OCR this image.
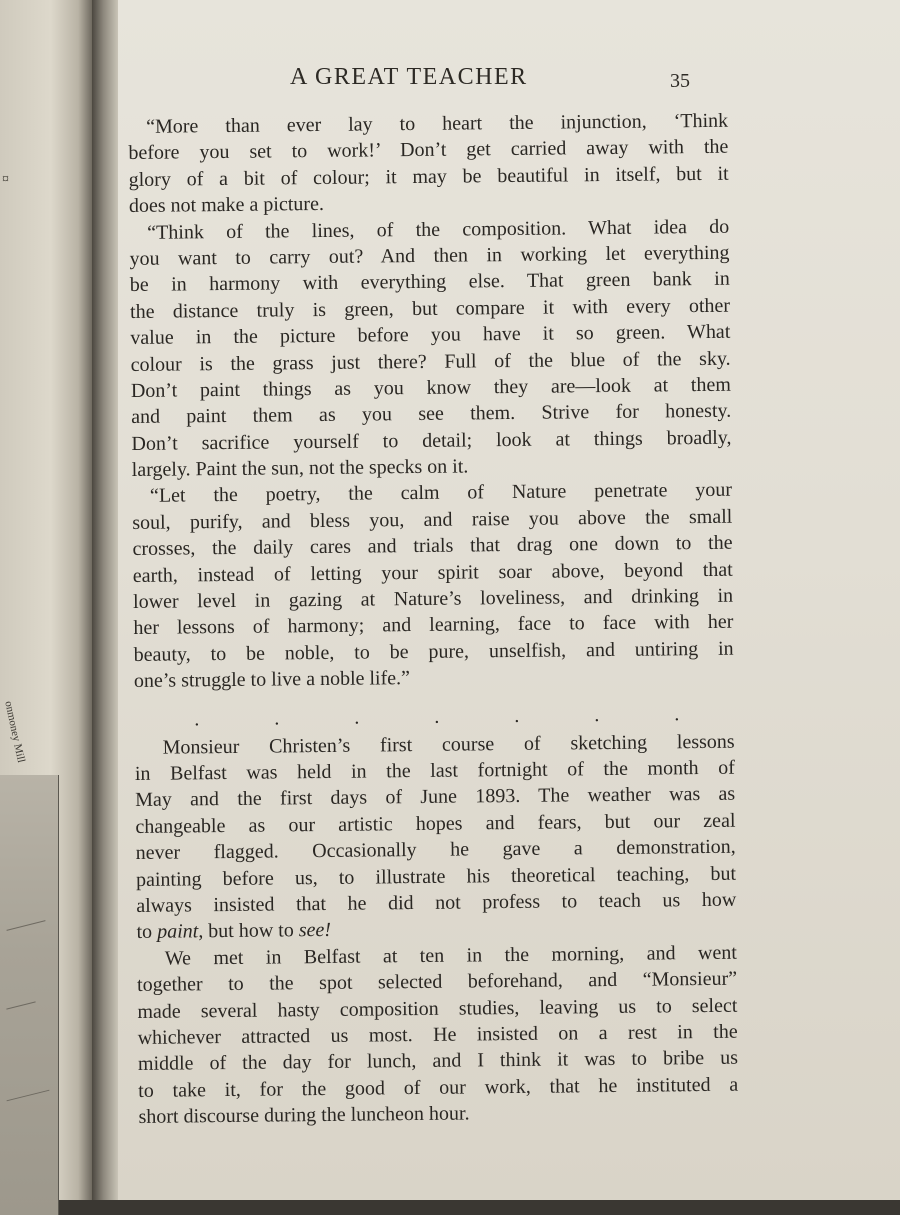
¤
onmoney Mill
A GREAT TEACHER	35
“More than ever lay to heart the injunction, ‘Think
before you set to work!’ Don’t get carried away with the
glory of a bit of colour; it may be beautiful in itself, but it
does not make a picture.
“Think of the lines, of the composition. What idea do
you want to carry out? And then in working let everything
be in harmony with everything else. That green bank in
the distance truly is green, but compare it with every other
value in the picture before you have it so green. What
colour is the grass just there? Full of the blue of the sky.
Don’t paint things as you know they are—look at them
and paint them as you see them. Strive for honesty.
Don’t sacrifice yourself to detail; look at things broadly,
largely. Paint the sun, not the specks on it.
“Let the poetry, the calm of Nature penetrate your
soul, purify, and bless you, and raise you above the small
crosses, the daily cares and trials that drag one down to the
earth, instead of letting your spirit soar above, beyond that
lower level in gazing at Nature’s loveliness, and drinking in
her lessons of harmony; and learning, face to face with her
beauty, to be noble, to be pure, unselfish, and untiring in
one’s struggle to live a noble life.”
.	.	.	.	.	.	.
Monsieur Christen’s first course of sketching lessons
in Belfast was held in the last fortnight of the month of
May and the first days of June 1893. The weather was as
changeable as our artistic hopes and fears, but our zeal
never flagged. Occasionally he gave a demonstration,
painting before us, to illustrate his theoretical teaching, but
always insisted that he did not profess to teach us how
to paint, but how to see!
We met in Belfast at ten in the morning, and went
together to the spot selected beforehand, and “Monsieur”
made several hasty composition studies, leaving us to select
whichever attracted us most. He insisted on a rest in the
middle of the day for lunch, and I think it was to bribe us
to take it, for the good of our work, that he instituted a
short discourse during the luncheon hour.
